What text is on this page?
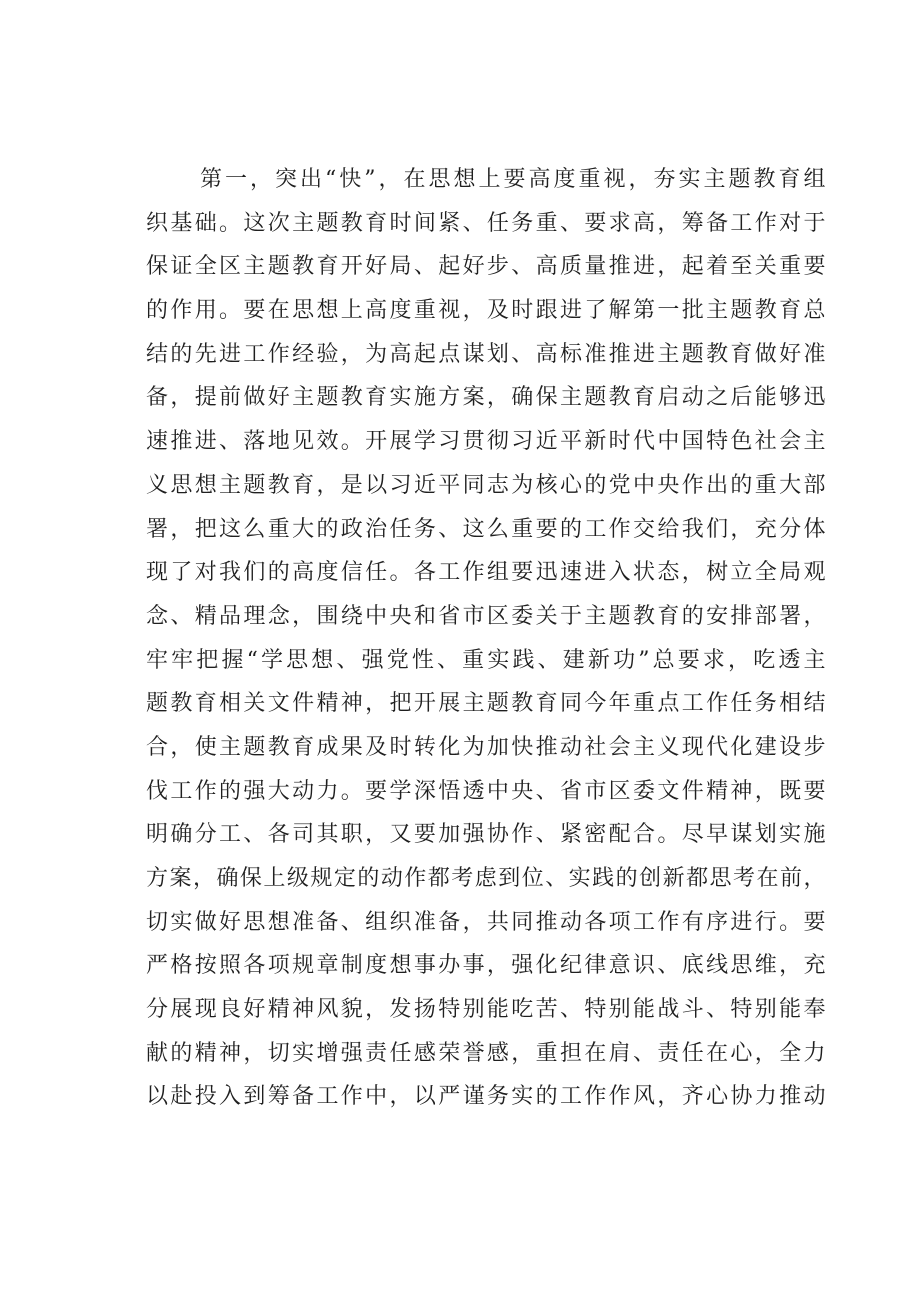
第一，突出“快”，在思想上要高度重视，夯实主题教育组
织基础。这次主题教育时间紧、任务重、要求高，筹备工作对于
保证全区主题教育开好局、起好步、高质量推进，起着至关重要
的作用。要在思想上高度重视，及时跟进了解第一批主题教育总
结的先进工作经验，为高起点谋划、高标准推进主题教育做好准
备，提前做好主题教育实施方案，确保主题教育启动之后能够迅
速推进、落地见效。开展学习贯彻习近平新时代中国特色社会主
义思想主题教育，是以习近平同志为核心的党中央作出的重大部
署，把这么重大的政治任务、这么重要的工作交给我们，充分体
现了对我们的高度信任。各工作组要迅速进入状态，树立全局观
念、精品理念，围绕中央和省市区委关于主题教育的安排部署，
牢牢把握“学思想、强党性、重实践、建新功”总要求，吃透主
题教育相关文件精神，把开展主题教育同今年重点工作任务相结
合，使主题教育成果及时转化为加快推动社会主义现代化建设步
伐工作的强大动力。要学深悟透中央、省市区委文件精神，既要
明确分工、各司其职，又要加强协作、紧密配合。尽早谋划实施
方案，确保上级规定的动作都考虑到位、实践的创新都思考在前，
切实做好思想准备、组织准备，共同推动各项工作有序进行。要
严格按照各项规章制度想事办事，强化纪律意识、底线思维，充
分展现良好精神风貌，发扬特别能吃苦、特别能战斗、特别能奉
献的精神，切实增强责任感荣誉感，重担在肩、责任在心，全力
以赴投入到筹备工作中，以严谨务实的工作作风，齐心协力推动
